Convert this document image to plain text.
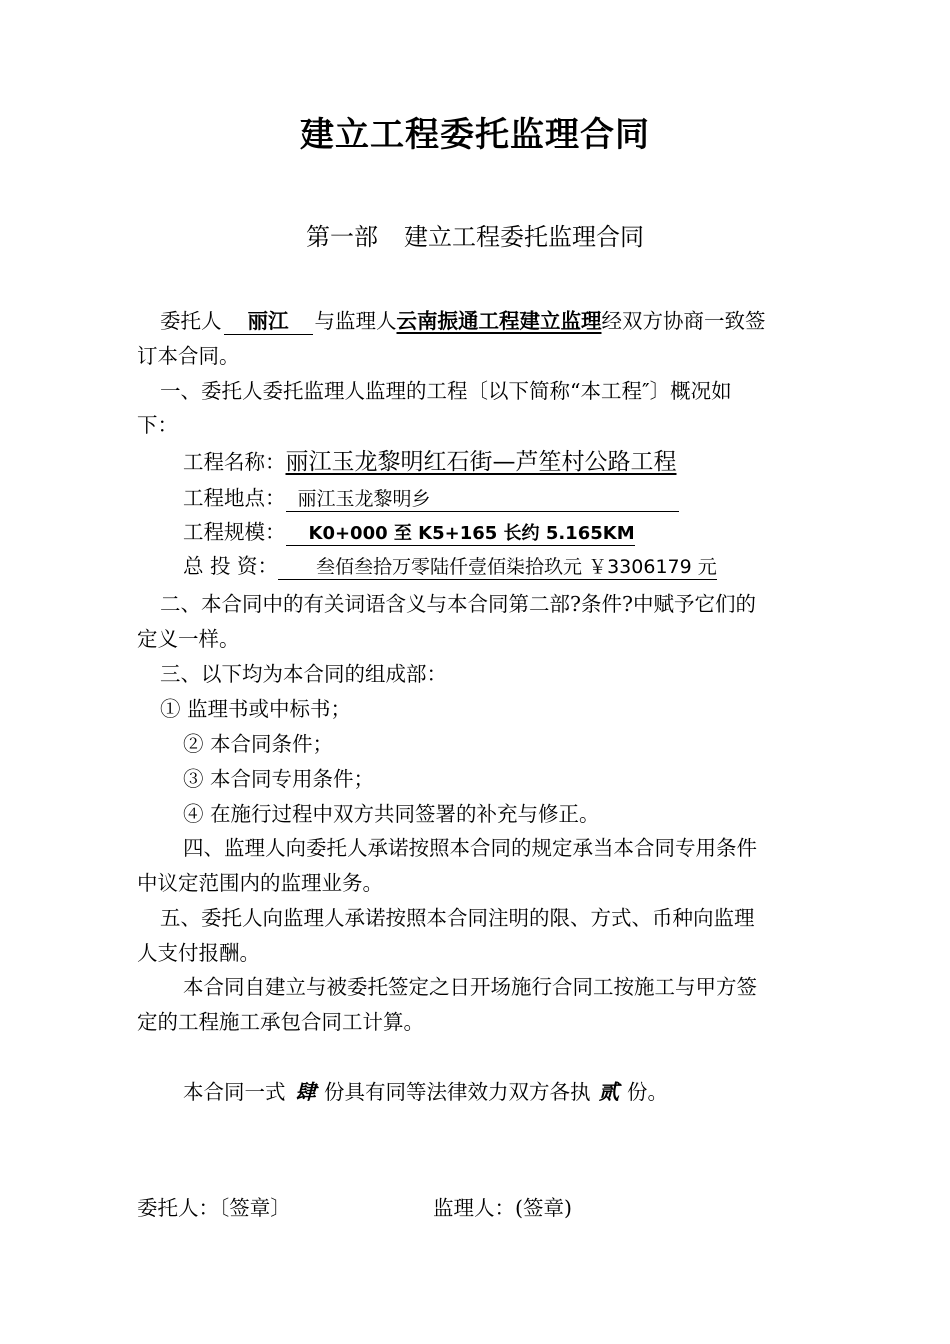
建立工程委托监理合同
第一部 建立工程委托监理合同
委托人 丽江 与监理人云南振通工程建立监理经双方协商一致签
订本合同。
一、委托人委托监理人监理的工程〔以下简称“本工程″〕概况如
下：
工程名称：丽江玉龙黎明红石街—芦笙村公路工程
工程地点： 丽江玉龙黎明乡
工程规模： K0+000 至 K5+165 长约 5.165KM
总 投 资： 叁佰叁拾万零陆仟壹佰柒拾玖元 ￥3306179 元
二、本合同中的有关词语含义与本合同第二部?条件?中赋予它们的
定义一样。
三、以下均为本合同的组成部：
① 监理书或中标书；
② 本合同条件；
③ 本合同专用条件；
④ 在施行过程中双方共同签署的补充与修正。
四、监理人向委托人承诺按照本合同的规定承当本合同专用条件
中议定范围内的监理业务。
五、委托人向监理人承诺按照本合同注明的限、方式、币种向监理
人支付报酬。
本合同自建立与被委托签定之日开场施行合同工按施工与甲方签
定的工程施工承包合同工计算。
本合同一式 肆 份具有同等法律效力双方各执 贰 份。
委托人：〔签章〕	监理人：(签章)
